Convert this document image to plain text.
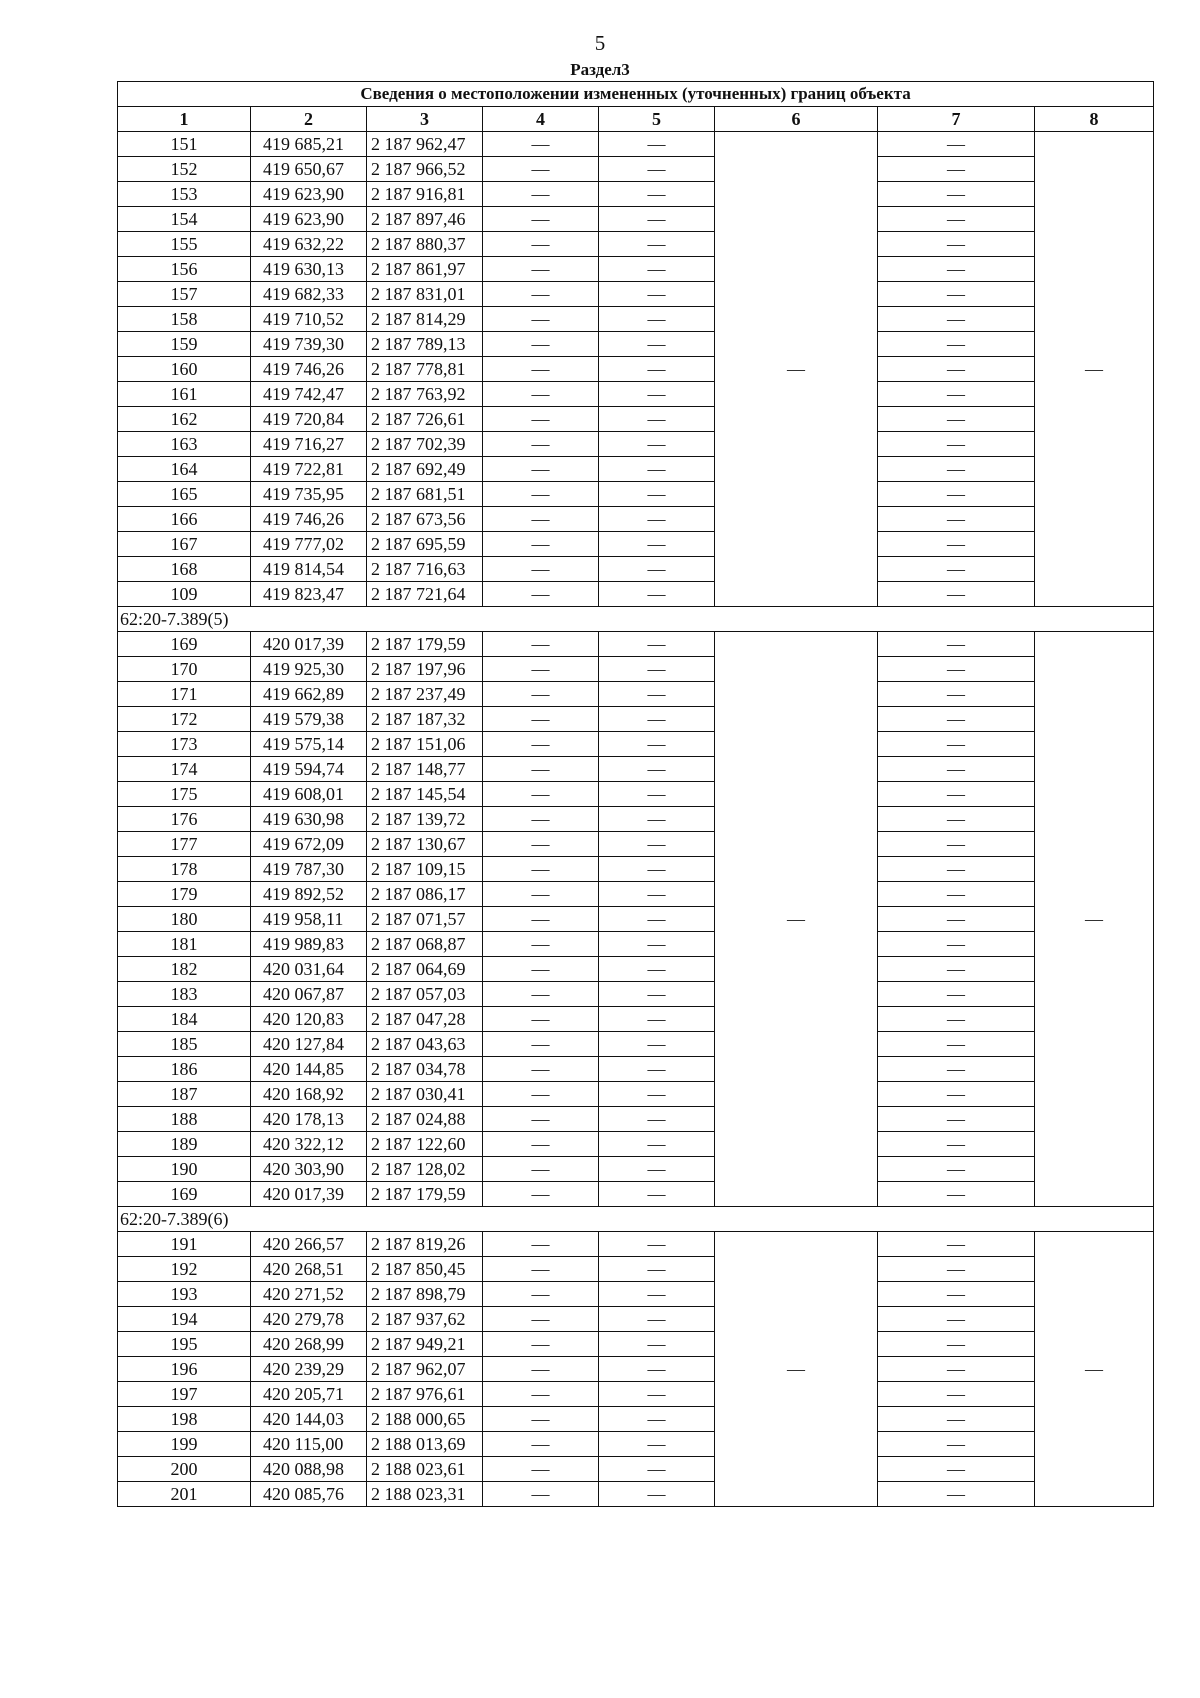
5
Раздел3
Сведения о местоположении измененных (уточненных) границ объекта							
1	2	3	4	5	6	7	8
151	419 685,21	2 187 962,47	—	—	—	—	—
152	419 650,67	2 187 966,52	—	—		—	
153	419 623,90	2 187 916,81	—	—		—	
154	419 623,90	2 187 897,46	—	—		—	
155	419 632,22	2 187 880,37	—	—		—	
156	419 630,13	2 187 861,97	—	—		—	
157	419 682,33	2 187 831,01	—	—		—	
158	419 710,52	2 187 814,29	—	—		—	
159	419 739,30	2 187 789,13	—	—		—	
160	419 746,26	2 187 778,81	—	—		—	
161	419 742,47	2 187 763,92	—	—		—	
162	419 720,84	2 187 726,61	—	—		—	
163	419 716,27	2 187 702,39	—	—		—	
164	419 722,81	2 187 692,49	—	—		—	
165	419 735,95	2 187 681,51	—	—		—	
166	419 746,26	2 187 673,56	—	—		—	
167	419 777,02	2 187 695,59	—	—		—	
168	419 814,54	2 187 716,63	—	—		—	
109	419 823,47	2 187 721,64	—	—		—	
62:20-7.389(5)							
169	420 017,39	2 187 179,59	—	—	—	—	—
170	419 925,30	2 187 197,96	—	—		—	
171	419 662,89	2 187 237,49	—	—		—	
172	419 579,38	2 187 187,32	—	—		—	
173	419 575,14	2 187 151,06	—	—		—	
174	419 594,74	2 187 148,77	—	—		—	
175	419 608,01	2 187 145,54	—	—		—	
176	419 630,98	2 187 139,72	—	—		—	
177	419 672,09	2 187 130,67	—	—		—	
178	419 787,30	2 187 109,15	—	—		—	
179	419 892,52	2 187 086,17	—	—		—	
180	419 958,11	2 187 071,57	—	—		—	
181	419 989,83	2 187 068,87	—	—		—	
182	420 031,64	2 187 064,69	—	—		—	
183	420 067,87	2 187 057,03	—	—		—	
184	420 120,83	2 187 047,28	—	—		—	
185	420 127,84	2 187 043,63	—	—		—	
186	420 144,85	2 187 034,78	—	—		—	
187	420 168,92	2 187 030,41	—	—		—	
188	420 178,13	2 187 024,88	—	—		—	
189	420 322,12	2 187 122,60	—	—		—	
190	420 303,90	2 187 128,02	—	—		—	
169	420 017,39	2 187 179,59	—	—		—	
62:20-7.389(6)							
191	420 266,57	2 187 819,26	—	—	—	—	—
192	420 268,51	2 187 850,45	—	—		—	
193	420 271,52	2 187 898,79	—	—		—	
194	420 279,78	2 187 937,62	—	—		—	
195	420 268,99	2 187 949,21	—	—		—	
196	420 239,29	2 187 962,07	—	—		—	
197	420 205,71	2 187 976,61	—	—		—	
198	420 144,03	2 188 000,65	—	—		—	
199	420 115,00	2 188 013,69	—	—		—	
200	420 088,98	2 188 023,61	—	—		—	
201	420 085,76	2 188 023,31	—	—		—	
